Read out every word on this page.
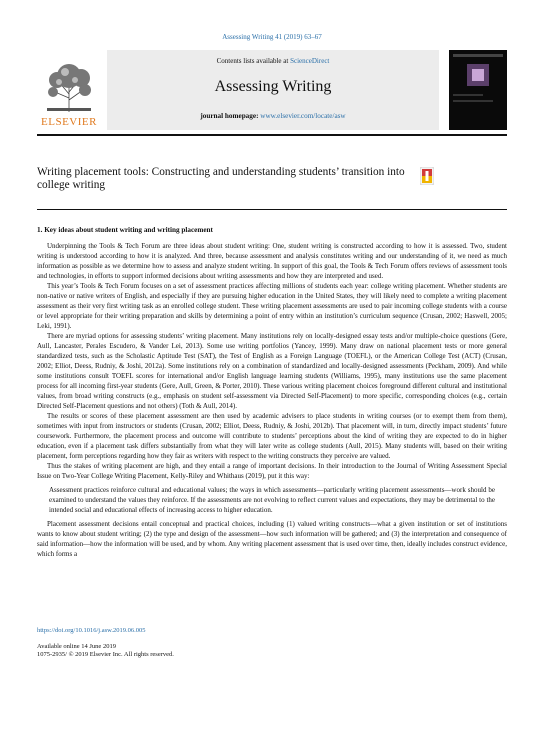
Assessing Writing 41 (2019) 63–67
ELSEVIER
Contents lists available at ScienceDirect
Assessing Writing
journal homepage: www.elsevier.com/locate/asw
Writing placement tools: Constructing and understanding students’ transition into college writing
1. Key ideas about student writing and writing placement

Underpinning the Tools & Tech Forum are three ideas about student writing: One, student writing is constructed according to how it is assessed. Two, student writing is understood according to how it is analyzed. And three, because assessment and analysis constitutes writing and our understanding of it, we need as much information as possible as we determine how to assess and analyze student writing. In support of this goal, the Tools & Tech Forum offers reviews of assessment tools and technologies, in efforts to support informed decisions about writing assessments and how they are interpreted and used.

This year’s Tools & Tech Forum focuses on a set of assessment practices affecting millions of students each year: college writing placement. Whether students are non-native or native writers of English, and especially if they are pursuing higher education in the United States, they will likely need to complete a writing placement assessment as their very first writing task as an enrolled college student. These writing placement assessments are used to pair incoming college students with a course or level appropriate for their writing preparation and skills by determining a point of entry within an institution’s curriculum sequence (Crusan, 2002; Haswell, 2005; Leki, 1991).

There are myriad options for assessing students’ writing placement. Many institutions rely on locally-designed essay tests and/or multiple-choice questions (Gere, Aull, Lancaster, Perales Escudero, & Vander Lei, 2013). Some use writing portfolios (Yancey, 1999). Many draw on national placement tests or more general standardized tests, such as the Scholastic Aptitude Test (SAT), the Test of English as a Foreign Language (TOEFL), or the American College Test (ACT) (Crusan, 2002; Elliot, Deess, Rudniy, & Joshi, 2012a). Some institutions rely on a combination of standardized and locally-designed assessments (Peckham, 2009). And while some institutions consult TOEFL scores for international and/or English language learning students (Williams, 1995), many institutions use the same placement process for all incoming first-year students (Gere, Aull, Green, & Porter, 2010). These various writing placement choices foreground different cultural and institutional values, from broad writing constructs (e.g., emphasis on student self-assessment via Directed Self-Placement) to more specific, corresponding choices (e.g., certain Directed Self-Placement questions and not others) (Toth & Aull, 2014).

The results or scores of these placement assessment are then used by academic advisers to place students in writing courses (or to exempt them from them), sometimes with input from instructors or students (Crusan, 2002; Elliot, Deess, Rudniy, & Joshi, 2012b). That placement will, in turn, directly impact students’ future coursework. Furthermore, the placement process and outcome will contribute to students’ perceptions about the kind of writing they are expected to do in higher education, even if a placement task differs substantially from what they will later write as college students (Aull, 2015). Many students will, based on their writing placement, form perceptions regarding how they fair as writers with respect to the writing constructs they perceive are valued.

Thus the stakes of writing placement are high, and they entail a range of important decisions. In their introduction to the Journal of Writing Assessment Special Issue on Two-Year College Writing Placement, Kelly-Riley and Whithaus (2019), put it this way:

Assessment practices reinforce cultural and educational values; the ways in which assessments—particularly writing placement assessments—work should be examined to understand the values they reinforce. If the assessments are not evolving to reflect current values and expectations, they may be detrimental to the intended social and educational effects of increasing access to higher education.

Placement assessment decisions entail conceptual and practical choices, including (1) valued writing constructs—what a given institution or set of institutions wants to know about student writing; (2) the type and design of the assessment—how such information will be gathered; and (3) the interpretation and consequence of said information—how the information will be used, and by whom. Any writing placement assessment that is used over time, then, ideally includes construct evidence, which forms a

https://doi.org/10.1016/j.asw.2019.06.005
Available online 14 June 2019
1075-2935/ © 2019 Elsevier Inc. All rights reserved.
